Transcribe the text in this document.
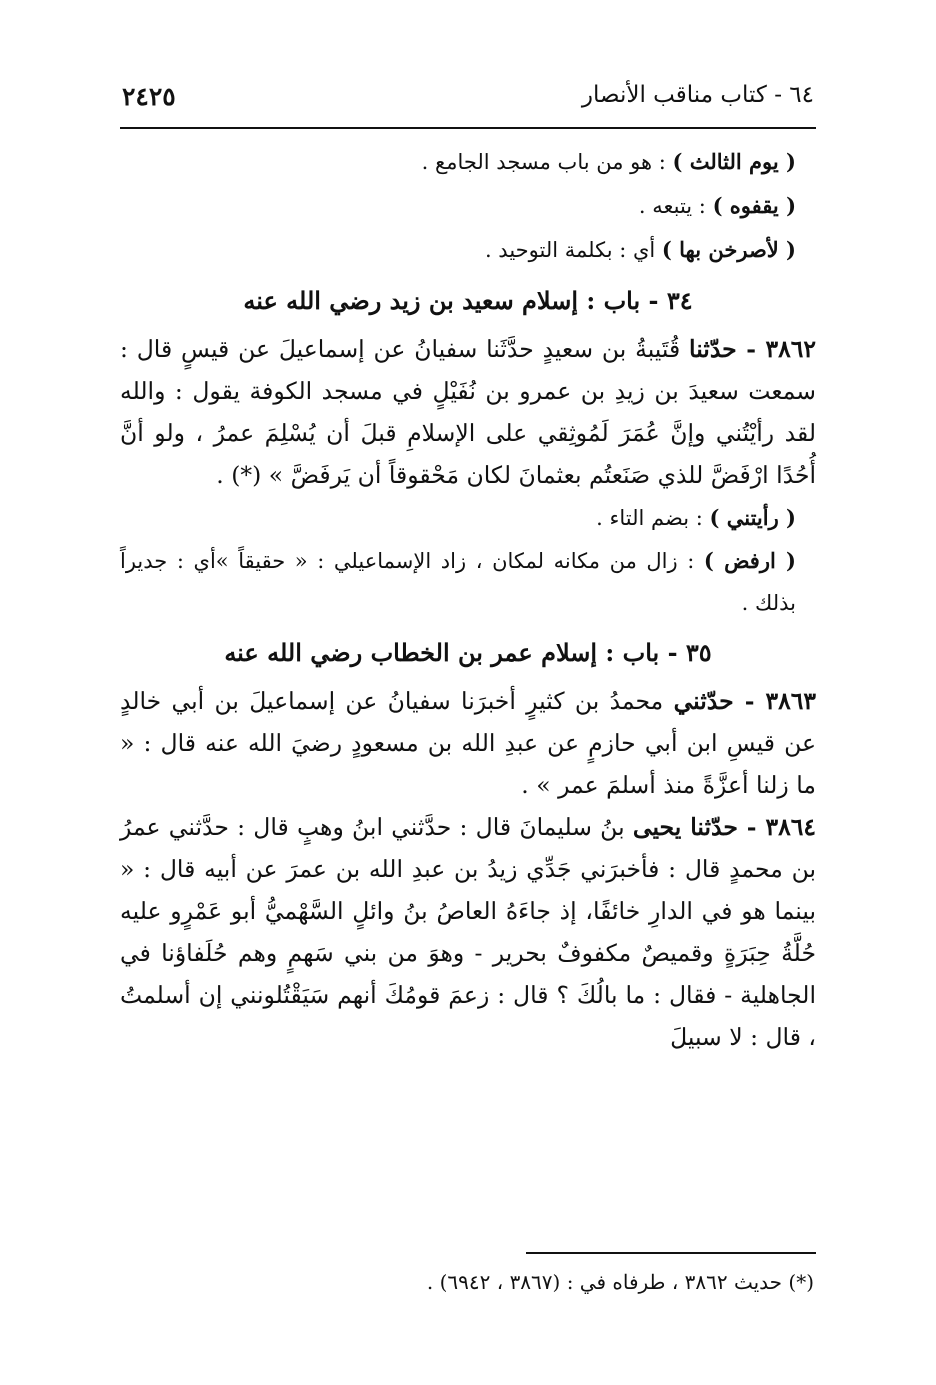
٦٤ - كتاب مناقب الأنصار
٢٤٢٥
( يوم الثالث ) : هو من باب مسجد الجامع .
( يقفوه ) : يتبعه .
( لأصرخن بها ) أي : بكلمة التوحيد .
٣٤ - باب : إسلام سعيد بن زيد رضي الله عنه
٣٨٦٢ - حدّثنا قُتَيبةُ بن سعيدٍ حدَّثَنا سفيانُ عن إسماعيلَ عن قيسٍ قال : سمعت سعيدَ بن زيدِ بن عمرو بن نُفَيْلٍ في مسجد الكوفة يقول : والله لقد رأيْتُني وإنَّ عُمَرَ لَمُوثِقي على الإسلامِ قبلَ أن يُسْلِمَ عمرُ ، ولو أنَّ أُحُدًا ارْفَضَّ للذي صَنَعتُم بعثمانَ لكان مَحْقوقاً أن يَرفَضَّ » (*) .
( رأيتني ) : بضم التاء .
( ارفض ) : زال من مكانه لمكان ، زاد الإسماعيلي : « حقيقاً »أي : جديراً بذلك .
٣٥ - باب : إسلام عمر بن الخطاب رضي الله عنه
٣٨٦٣ - حدّثني محمدُ بن كثيرٍ أخبرَنا سفيانُ عن إسماعيلَ بن أبي خالدٍ عن قيسِ ابن أبي حازمٍ عن عبدِ الله بن مسعودٍ رضيَ الله عنه قال : « ما زلنا أعزَّةً منذ أسلمَ عمر » .
٣٨٦٤ - حدّثنا يحيى بنُ سليمانَ قال : حدَّثني ابنُ وهبٍ قال : حدَّثني عمرُ بن محمدٍ قال : فأخبرَني جَدِّي زيدُ بن عبدِ الله بن عمرَ عن أبيه قال : « بينما هو في الدارِ خائفًا، إذ جاءَهُ العاصُ بنُ وائلٍ السَّهْميُّ أبو عَمْرٍو عليه حُلَّةُ حِبَرَةٍ وقميصٌ مكفوفٌ بحرير - وهوَ من بني سَهمٍ وهم حُلَفاؤنا في الجاهلية - فقال : ما بالُكَ ؟ قال : زعمَ قومُكَ أنهم سَيَقْتُلونني إن أسلمتُ ، قال : لا سبيلَ
(*) حديث ٣٨٦٢ ، طرفاه في : (٣٨٦٧ ، ٦٩٤٢) .
